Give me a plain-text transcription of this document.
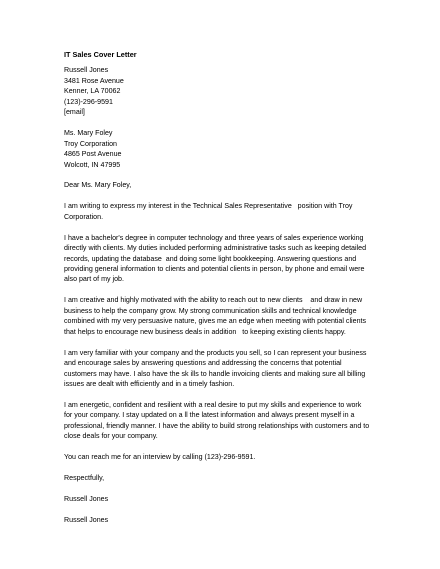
IT Sales Cover Letter
Russell Jones
3481 Rose Avenue
Kenner, LA 70062
(123)-296-9591
[email]
Ms. Mary Foley
Troy Corporation
4865 Post Avenue
Wolcott, IN 47995
Dear Ms. Mary Foley,
I am writing to express my interest in the Technical Sales Representative   position with Troy
Corporation.
I have a bachelor's degree in computer technology and three years of sales experience working
directly with clients. My duties included performing administrative tasks such as keeping detailed
records, updating the database  and doing some light bookkeeping. Answering questions and
providing general information to clients and potential clients in person, by phone and email were
also part of my job.
I am creative and highly motivated with the ability to reach out to new clients    and draw in new
business to help the company grow. My strong communication skills and technical knowledge
combined with my very persuasive nature, gives me an edge when meeting with potential clients
that helps to encourage new business deals in addition   to keeping existing clients happy.
I am very familiar with your company and the products you sell, so I can represent your business
and encourage sales by answering questions and addressing the concerns that potential
customers may have. I also have the sk ills to handle invoicing clients and making sure all billing
issues are dealt with efficiently and in a timely fashion.
I am energetic, confident and resilient with a real desire to put my skills and experience to work
for your company. I stay updated on a ll the latest information and always present myself in a
professional, friendly manner. I have the ability to build strong relationships with customers and to
close deals for your company.
You can reach me for an interview by calling (123)-296-9591.
Respectfully,
Russell Jones
Russell Jones
